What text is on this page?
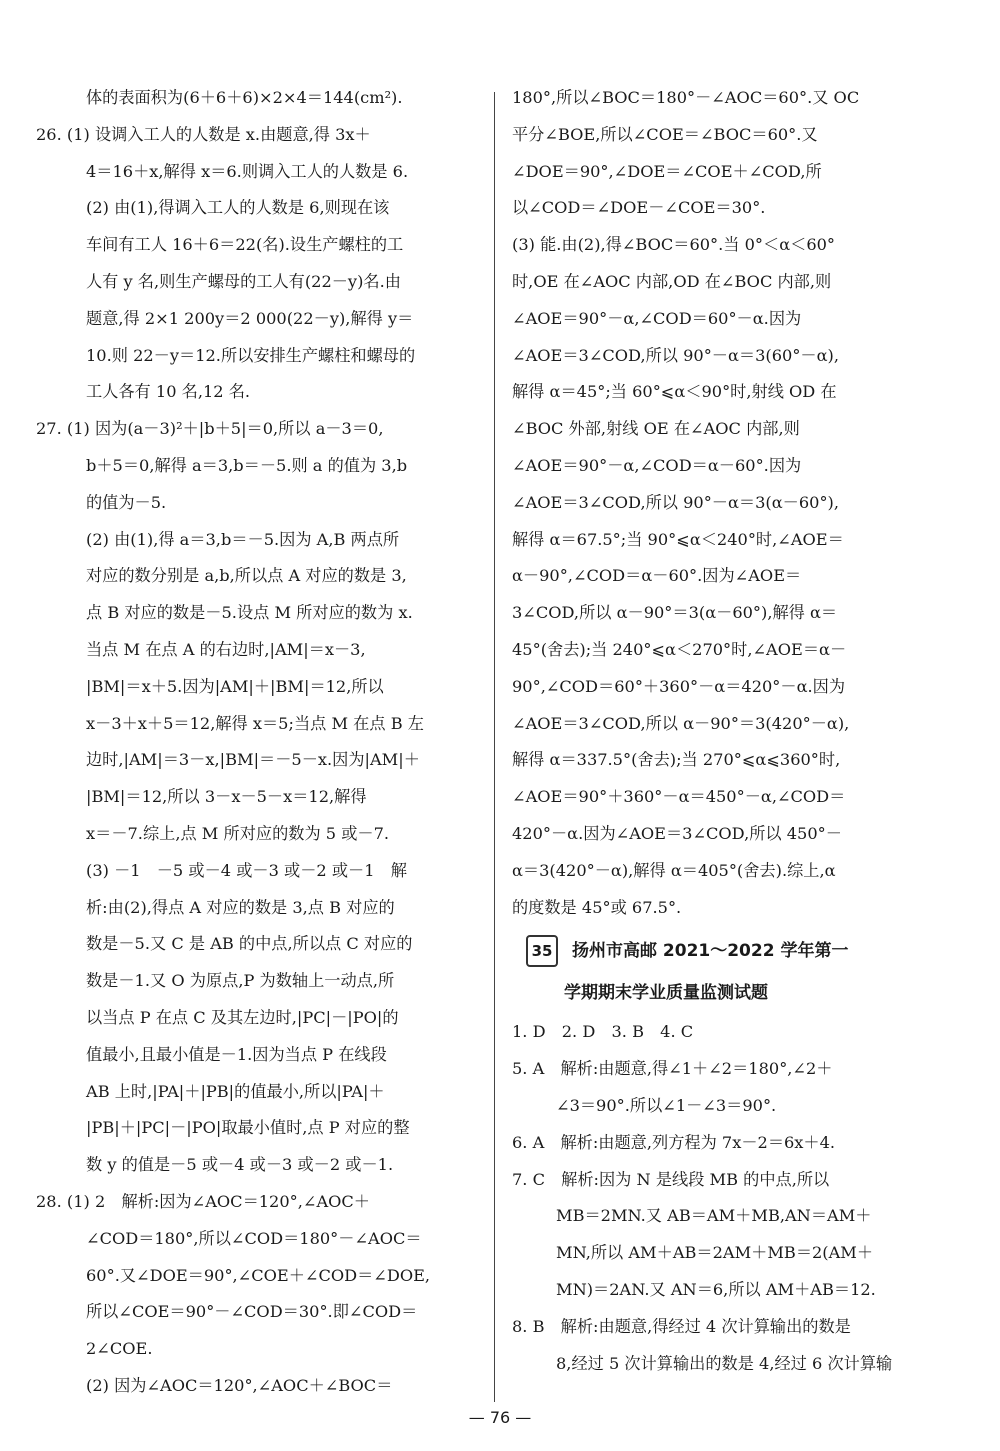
体的表面积为(6＋6＋6)×2×4＝144(cm²).
26. (1) 设调入工人的人数是 x.由题意,得 3x＋
4＝16＋x,解得 x＝6.则调入工人的人数是 6.
(2) 由(1),得调入工人的人数是 6,则现在该
车间有工人 16＋6＝22(名).设生产螺柱的工
人有 y 名,则生产螺母的工人有(22－y)名.由
题意,得 2×1 200y＝2 000(22－y),解得 y＝
10.则 22－y＝12.所以安排生产螺柱和螺母的
工人各有 10 名,12 名.
27. (1) 因为(a－3)²＋|b＋5|＝0,所以 a－3＝0,
b＋5＝0,解得 a＝3,b＝－5.则 a 的值为 3,b
的值为－5.
(2) 由(1),得 a＝3,b＝－5.因为 A,B 两点所
对应的数分别是 a,b,所以点 A 对应的数是 3,
点 B 对应的数是－5.设点 M 所对应的数为 x.
当点 M 在点 A 的右边时,|AM|＝x－3,
|BM|＝x＋5.因为|AM|＋|BM|＝12,所以
x－3＋x＋5＝12,解得 x＝5;当点 M 在点 B 左
边时,|AM|＝3－x,|BM|＝－5－x.因为|AM|＋
|BM|＝12,所以 3－x－5－x＝12,解得
x＝－7.综上,点 M 所对应的数为 5 或－7.
(3) －1　－5 或－4 或－3 或－2 或－1　解
析:由(2),得点 A 对应的数是 3,点 B 对应的
数是－5.又 C 是 AB 的中点,所以点 C 对应的
数是－1.又 O 为原点,P 为数轴上一动点,所
以当点 P 在点 C 及其左边时,|PC|－|PO|的
值最小,且最小值是－1.因为当点 P 在线段
AB 上时,|PA|＋|PB|的值最小,所以|PA|＋
|PB|＋|PC|－|PO|取最小值时,点 P 对应的整
数 y 的值是－5 或－4 或－3 或－2 或－1.
28. (1) 2　解析:因为∠AOC＝120°,∠AOC＋
∠COD＝180°,所以∠COD＝180°－∠AOC＝
60°.又∠DOE＝90°,∠COE＋∠COD＝∠DOE,
所以∠COE＝90°－∠COD＝30°.即∠COD＝
2∠COE.
(2) 因为∠AOC＝120°,∠AOC＋∠BOC＝
180°,所以∠BOC＝180°－∠AOC＝60°.又 OC
平分∠BOE,所以∠COE＝∠BOC＝60°.又
∠DOE＝90°,∠DOE＝∠COE＋∠COD,所
以∠COD＝∠DOE－∠COE＝30°.
(3) 能.由(2),得∠BOC＝60°.当 0°＜α＜60°
时,OE 在∠AOC 内部,OD 在∠BOC 内部,则
∠AOE＝90°－α,∠COD＝60°－α.因为
∠AOE＝3∠COD,所以 90°－α＝3(60°－α),
解得 α＝45°;当 60°⩽α＜90°时,射线 OD 在
∠BOC 外部,射线 OE 在∠AOC 内部,则
∠AOE＝90°－α,∠COD＝α－60°.因为
∠AOE＝3∠COD,所以 90°－α＝3(α－60°),
解得 α＝67.5°;当 90°⩽α＜240°时,∠AOE＝
α－90°,∠COD＝α－60°.因为∠AOE＝
3∠COD,所以 α－90°＝3(α－60°),解得 α＝
45°(舍去);当 240°⩽α＜270°时,∠AOE＝α－
90°,∠COD＝60°＋360°－α＝420°－α.因为
∠AOE＝3∠COD,所以 α－90°＝3(420°－α),
解得 α＝337.5°(舍去);当 270°⩽α⩽360°时,
∠AOE＝90°＋360°－α＝450°－α,∠COD＝
420°－α.因为∠AOE＝3∠COD,所以 450°－
α＝3(420°－α),解得 α＝405°(舍去).综上,α
的度数是 45°或 67.5°.
35 扬州市高邮 2021～2022 学年第一
学期期末学业质量监测试题
1. D　2. D　3. B　4. C
5. A　解析:由题意,得∠1＋∠2＝180°,∠2＋
∠3＝90°.所以∠1－∠3＝90°.
6. A　解析:由题意,列方程为 7x－2＝6x＋4.
7. C　解析:因为 N 是线段 MB 的中点,所以
MB＝2MN.又 AB＝AM＋MB,AN＝AM＋
MN,所以 AM＋AB＝2AM＋MB＝2(AM＋
MN)＝2AN.又 AN＝6,所以 AM＋AB＝12.
8. B　解析:由题意,得经过 4 次计算输出的数是
8,经过 5 次计算输出的数是 4,经过 6 次计算输
— 76 —
